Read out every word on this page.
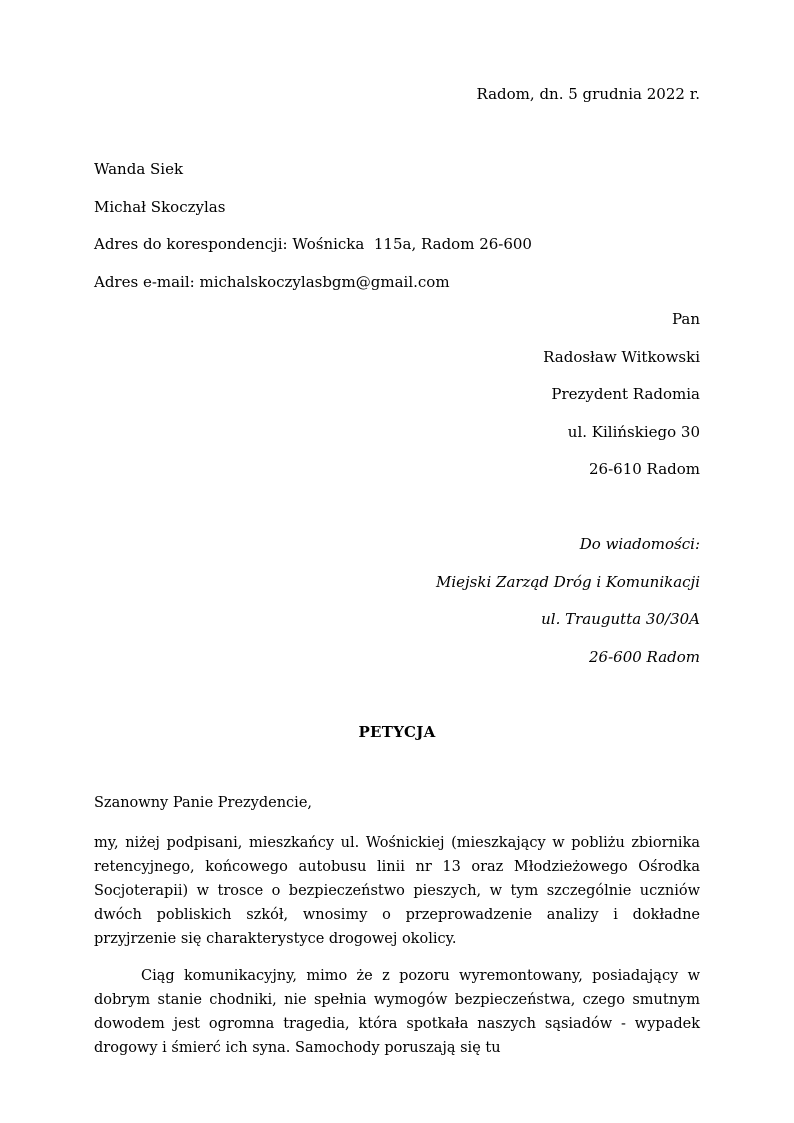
Radom, dn. 5 grudnia 2022 r.

Wanda Siek

Michał Skoczylas

Adres do korespondencji: Wośnicka  115a, Radom 26-600

Adres e-mail: michalskoczylasbgm@gmail.com

Pan

Radosław Witkowski

Prezydent Radomia

ul. Kilińskiego 30

26-610 Radom

Do wiadomości:

Miejski Zarząd Dróg i Komunikacji

ul. Traugutta 30/30A

26-600 Radom

PETYCJA

Szanowny Panie Prezydencie,

my, niżej podpisani, mieszkańcy ul. Wośnickiej (mieszkający w pobliżu zbiornika retencyjnego, końcowego autobusu linii nr 13 oraz Młodzieżowego Ośrodka Socjoterapii) w trosce o bezpieczeństwo pieszych, w tym szczególnie uczniów dwóch pobliskich szkół, wnosimy o przeprowadzenie analizy i dokładne przyjrzenie się charakterystyce drogowej okolicy.

Ciąg komunikacyjny, mimo że z pozoru wyremontowany, posiadający w dobrym stanie chodniki, nie spełnia wymogów bezpieczeństwa, czego smutnym dowodem jest ogromna tragedia, która spotkała naszych sąsiadów - wypadek drogowy i śmierć ich syna. Samochody poruszają się tu
